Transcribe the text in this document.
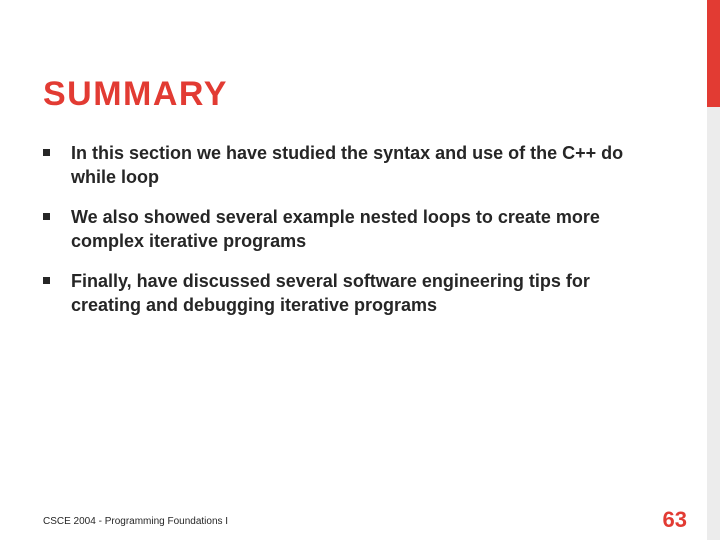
SUMMARY
In this section we have studied the syntax and use of the C++ do while loop
We also showed several example nested loops to create more complex iterative programs
Finally, have discussed several software engineering tips for creating and debugging iterative programs
CSCE 2004 - Programming Foundations I	63
